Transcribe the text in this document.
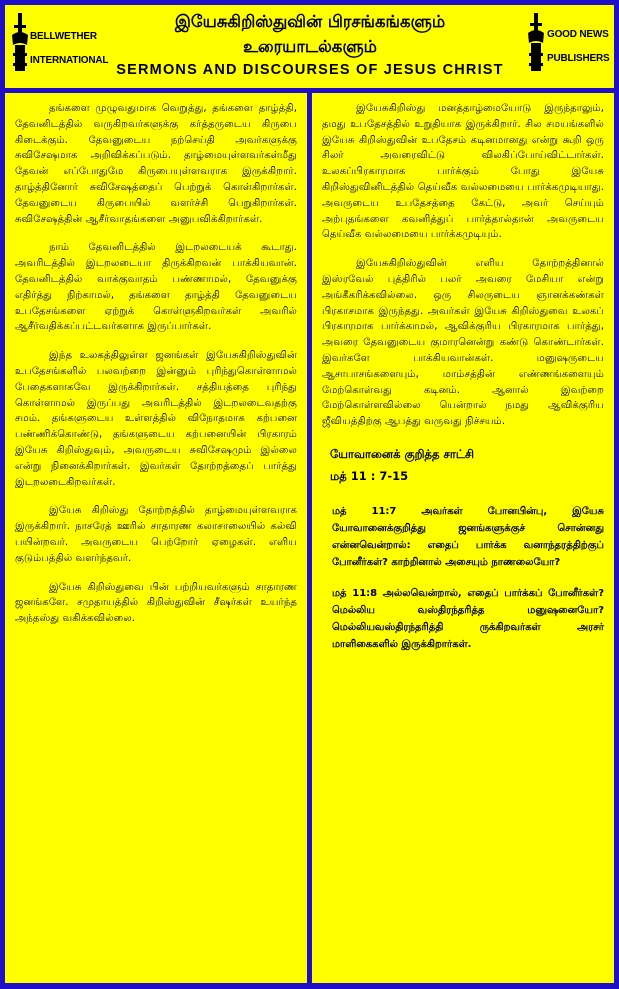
BELLWETHER
INTERNATIONAL
இயேசுகிறிஸ்துவின் பிரசங்கங்களும்
உரையாடல்களும்
SERMONS AND DISCOURSES OF JESUS CHRIST
GOOD NEWS
PUBLISHERS

தங்களை முழுவதுமாக வெறுத்து, தங்களை தாழ்த்தி, தேவனிடத்தில் வருகிறவர்களுக்கு கர்த்தருடைய கிருபை கிடைக்கும். தேவனுடைய நற்செய்தி அவர்களுக்கு சுவிசேஷமாக அறிவிக்கப்படும். தாழ்மையுள்ளவர்கள்மீது தேவன் எப்போதுமே கிருபையுள்ளவராக இருக்கிறார். தாழ்த்தினோர் சுவிசேஷத்தைப் பெற்றுக் கொள்கிறார்கள். தேவனுடைய கிருபையில் வளர்ச்சி பெறுகிறார்கள். சுவிசேஷத்தின் ஆசீர்வாதங்களை அனுபவிக்கிறார்கள்.

நாம் தேவனிடத்தில் இடறலடையக் கூடாது. அவரிடத்தில் இடறலடையா திருக்கிறவன் பாக்கியவான். தேவனிடத்தில் வாக்குவாதம் பண்ணாமல், தேவனுக்கு எதிர்த்து நிற்காமல், தங்களை தாழ்த்தி தேவனுடைய உபதேசங்களை ஏற்றுக் கொள்ளுகிறவர்கள் அவரில் ஆசீர்வதிக்கப்பட்டவர்களாக இருப்பார்கள்.

இந்த உலகத்திலுள்ள ஜனங்கள் இயேசுகிறிஸ்துவின் உபதேசங்களில் பலவற்றை இன்னும் புரிந்துகொள்ளாமல் பேதைகளாகவே இருக்கிறார்கள். சத்தியத்தை புரிந்து கொள்ளாமல் இருப்பது அவரிடத்தில் இடறலடைவதற்கு சமம். தங்களுடைய உள்ளத்தில் விநோதமாக கற்பனை பண்ணிக்கொண்டு, தங்களுடைய கற்பனையின் பிரகாரம் இயேசு கிறிஸ்துவும், அவருடைய சுவிசேஷமும் இல்லை என்று நினைக்கிறார்கள். இவர்கள் தோற்றத்தைப் பார்த்து இடறலடைகிறவர்கள்.

இயேசு கிறிஸ்து தோற்றத்தில் தாழ்மையுள்ளவராக இருக்கிறார். நாசரேத் ஊரில் சாதாரண கலாசாலையில் கல்வி பயின்றவர். அவருடைய பெற்றோர் ஏழைகள். எளிய குடும்பத்தில் வளர்ந்தவர்.

இயேசு கிறிஸ்துவை பின் பற்றியவர்களும் சாதாரண ஜனங்களே. சமுதாயத்தில் கிறிஸ்துவின் சீஷர்கள் உயர்ந்த அந்தஸ்து வகிக்கவில்லை.

இயேசுகிறிஸ்து மனத்தாழ்மையோடு இருந்தாலும், தமது உபதேசத்தில் உறுதியாக இருக்கிறார். சில சமயங்களில் இயேசு கிறிஸ்துவின் உபதேசம் கடினமானது என்று கூறி ஒரு சிலர் அவரைவிட்டு விலகிப்போய்விட்டார்கள். உலகப்பிரகாரமாக பார்க்கும் போது இயேசு கிறிஸ்துவினிடத்தில் தெய்வீக வல்லமையை பார்க்கமுடியாது. அவருடைய உபதேசத்தை கேட்டு, அவர் செய்யும் அற்புதங்களை கவனித்துப் பார்த்தால்தான் அவருடைய தெய்வீக வல்லமையை பார்க்கமுடியும்.

இயேசுகிறிஸ்துவின் எளிய தோற்றத்தினால் இஸ்ரவேல் புத்திரில் பலர் அவரை மேசியா என்று அங்கீகரிக்கவில்லை. ஒரு சிலருடைய ஞானக்கண்கள் பிரகாசமாக இருந்தது. அவர்கள் இயேசு கிறிஸ்துவை உலகப் பிரகாரமாக பார்க்காமல், ஆவிக்குரிய பிரகாரமாக பார்த்து, அவரை தேவனுடைய குமாரனென்று கண்டு கொண்டார்கள். இவர்களே பாக்கியவான்கள். மனுஷருடைய ஆசாபாசங்களையும், மாம்சத்தின் எண்ணங்களையும் மேற்கொள்வது கடினம். ஆனால் இவற்றை மேற்கொள்ளவில்லை யென்றால் நமது ஆவிக்குரிய ஜீவியத்திற்கு ஆபத்து வருவது நிச்சயம்.

யோவானைக் குறித்த சாட்சி
மத் 11 : 7-15

மத் 11:7 அவர்கள் போனபின்பு, இயேசு யோவானைக்குறித்து ஜனங்களுக்குச் சொன்னது என்னவென்றால்: எதைப் பார்க்க வனாந்தரத்திற்குப் போனீர்கள்? காற்றினால் அசையும் நாணலையோ?

மத் 11:8 அல்லவென்றால், எதைப் பார்க்கப் போனீர்கள்? மெல்லிய வஸ்திரந்தரித்த மனுஷனையோ? மெல்லியவஸ்திரந்தரித்தி ருக்கிறவர்கள் அரசர் மாளிகைகளில் இருக்கிறார்கள்.
